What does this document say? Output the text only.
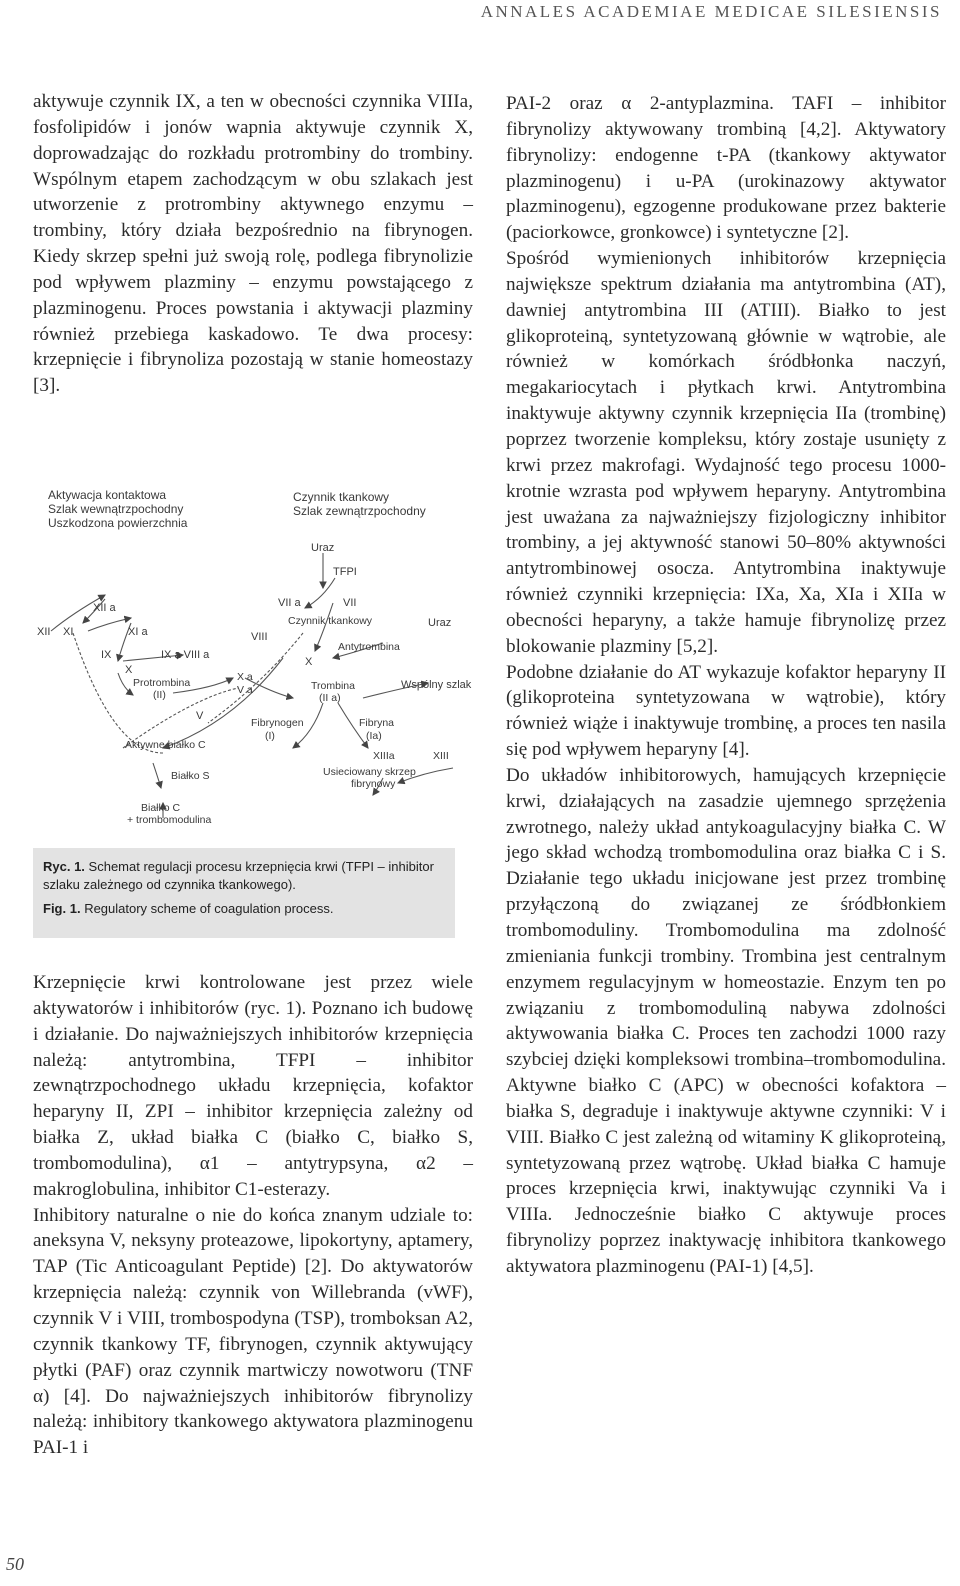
ANNALES ACADEMIAE MEDICAE SILESIENSIS

aktywuje czynnik IX, a ten w obecności czynnika VIIIa, fosfolipidów i jonów wapnia aktywuje czynnik X, doprowadzając do rozkładu protrombiny do trombiny. Wspólnym etapem zachodzącym w obu szlakach jest utworzenie z protrombiny aktywnego enzymu – trombiny, który działa bezpośrednio na fibrynogen. Kiedy skrzep spełni już swoją rolę, podlega fibrynolizie pod wpływem plazminy – enzymu powstającego z plazminogenu. Proces powstania i aktywacji plazminy również przebiega kaskadowo. Te dwa procesy: krzepnięcie i fibrynoliza pozostają w stanie homeostazy [3].

Aktywacja kontaktowa
Szlak wewnątrzpochodny
Uszkodzona powierzchnia
Czynnik tkankowy
Szlak zewnątrzpochodny
Uraz
TFPI
XII
XII a
XI	XI a
VII a	VII
VIII
Czynnik tkankowy	Uraz
IX	IX a VIII a
Antytrombina
X
X
Protrombina
(II)
X a
V a	Trombina
(II a)
Wspólny szlak
V
Fibrynogen
(I)
Fibryna
(Ia)
Aktywne białko C
XIIIa	XIII
Białko S	Usieciowany skrzep
fibrynowy
Białko C
+ trombomodulina

Ryc. 1. Schemat regulacji procesu krzepnięcia krwi (TFPI – inhibitor szlaku zależnego od czynnika tkankowego).

Fig. 1. Regulatory scheme of coagulation process.

Krzepnięcie krwi kontrolowane jest przez wiele aktywatorów i inhibitorów (ryc. 1). Poznano ich budowę i działanie. Do najważniejszych inhibitorów krzepnięcia należą: antytrombina, TFPI – inhibitor zewnątrzpochodnego układu krzepnięcia, kofaktor heparyny II, ZPI – inhibitor krzepnięcia zależny od białka Z, układ białka C (białko C, białko S, trombomodulina), α1 – antytrypsyna, α2 – makroglobulina, inhibitor C1-esterazy.

Inhibitory naturalne o nie do końca znanym udziale to: aneksyna V, neksyny proteazowe, lipokortyny, aptamery, TAP (Tic Anticoagulant Peptide) [2]. Do aktywatorów krzepnięcia należą: czynnik von Willebranda (vWF), czynnik V i VIII, trombospodyna (TSP), tromboksan A2, czynnik tkankowy TF, fibrynogen, czynnik aktywujący płytki (PAF) oraz czynnik martwiczy nowotworu (TNF α) [4]. Do najważniejszych inhibitorów fibrynolizy należą: inhibitory tkankowego aktywatora plazminogenu PAI-1 i

PAI-2 oraz α 2-antyplazmina. TAFI – inhibitor fibrynolizy aktywowany trombiną [4,2]. Aktywatory fibrynolizy: endogenne t-PA (tkankowy aktywator plazminogenu) i u-PA (urokinazowy aktywator plazminogenu), egzogenne produkowane przez bakterie (paciorkowce, gronkowce) i syntetyczne [2].

Spośród wymienionych inhibitorów krzepnięcia największe spektrum działania ma antytrombina (AT), dawniej antytrombina III (ATIII). Białko to jest glikoproteiną, syntetyzowaną głównie w wątrobie, ale również w komórkach śródbłonka naczyń, megakariocytach i płytkach krwi. Antytrombina inaktywuje aktywny czynnik krzepnięcia IIa (trombinę) poprzez tworzenie kompleksu, który zostaje usunięty z krwi przez makrofagi. Wydajność tego procesu 1000-krotnie wzrasta pod wpływem heparyny. Antytrombina jest uważana za najważniejszy fizjologiczny inhibitor trombiny, a jej aktywność stanowi 50–80% aktywności antytrombinowej osocza. Antytrombina inaktywuje również czynniki krzepnięcia: IXa, Xa, XIa i XIIa w obecności heparyny, a także hamuje fibrynolizę przez blokowanie plazminy [5,2].

Podobne działanie do AT wykazuje kofaktor heparyny II (glikoproteina syntetyzowana w wątrobie), który również wiąże i inaktywuje trombinę, a proces ten nasila się pod wpływem heparyny [4].

Do układów inhibitorowych, hamujących krzepnięcie krwi, działających na zasadzie ujemnego sprzężenia zwrotnego, należy układ antykoagulacyjny białka C. W jego skład wchodzą trombomodulina oraz białka C i S. Działanie tego układu inicjowane jest przez trombinę przyłączoną do związanej ze śródbłonkiem trombomoduliny. Trombomodulina ma zdolność zmieniania funkcji trombiny. Trombina jest centralnym enzymem regulacyjnym w homeostazie. Enzym ten po związaniu z trombomoduliną nabywa zdolności aktywowania białka C. Proces ten zachodzi 1000 razy szybciej dzięki kompleksowi trombina–trombomodulina. Aktywne białko C (APC) w obecności kofaktora – białka S, degraduje i inaktywuje aktywne czynniki: V i VIII. Białko C jest zależną od witaminy K glikoproteiną, syntetyzowaną przez wątrobę. Układ białka C hamuje proces krzepnięcia krwi, inaktywując czynniki Va i VIIIa. Jednocześnie białko C aktywuje proces fibrynolizy poprzez inaktywację inhibitora tkankowego aktywatora plazminogenu (PAI-1) [4,5].

50
